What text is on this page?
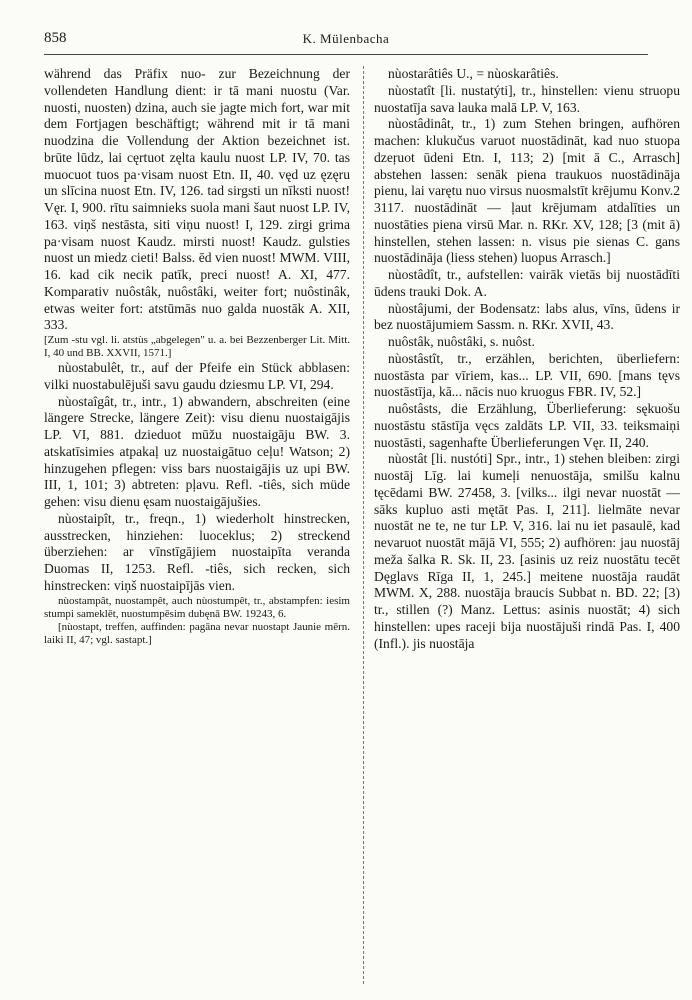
858	K. Mülenbacha

während das Präfix nuo- zur Bezeichnung der vollendeten Handlung dient: ir tā mani nuostu (Var. nuosti, nuosten) dzina, auch sie jagte mich fort, war mit dem Fortjagen beschäftigt; während mit ir tā mani nuodzina die Vollendung der Aktion bezeichnet ist. brūte lūdz, lai cęrtuot zęlta kaulu nuost LP. IV, 70. tas muocuot tuos pa·visam nuost Etn. II, 40. vęd uz ęzęru un slīcina nuost Etn. IV, 126. tad sirgsti un nīksti nuost! Vęr. I, 900. rītu saimnieks suola mani šaut nuost LP. IV, 163. viņš nestāsta, siti viņu nuost! I, 129. zirgi grima pa·visam nuost Kaudz. mirsti nuost! Kaudz. gulsties nuost un miedz cieti! Balss. ēd vien nuost! MWM. VIII, 16. kad cik necik patīk, preci nuost! A. XI, 477. Komparativ nuôstâk, nuôstâki, weiter fort; nuôstinâk, etwas weiter fort: atstūmās nuo galda nuostāk A. XII, 333.

[Zum -stu vgl. li. atstùs „abgelegen" u. a. bei Bezzenberger Lit. Mitt. I, 40 und BB. XXVII, 1571.]

nùostabulêt, tr., auf der Pfeife ein Stück abblasen: vilki nuostabulējuši savu gaudu dziesmu LP. VI, 294.

nùostaîgât, tr., intr., 1) abwandern, abschreiten (eine längere Strecke, längere Zeit): visu dienu nuostaigājis LP. VI, 881. dzieduot mūžu nuostaigāju BW. 3. atskatīsimies atpakaļ uz nuostaigātuo ceļu! Watson; 2) hinzugehen pflegen: viss bars nuostaigājis uz upi BW. III, 1, 101; 3) abtreten: pļavu. Refl. -tiês, sich müde gehen: visu dienu ęsam nuostaigājušies.

nùostaipît, tr., freqn., 1) wiederholt hinstrecken, ausstrecken, hinziehen: luoceklus; 2) streckend überziehen: ar vīnstīgājiem nuostaipīta veranda Duomas II, 1253. Refl. -tiês, sich recken, sich hinstrecken: viņš nuostaipījās vien.

nùostampât, nuostampêt, auch nùostumpêt, tr., abstampfen: iesim stumpi sameklēt, nuostumpēsim dubęnā BW. 19243, 6.

[nùostapt, treffen, auffinden: pagāna nevar nuostapt Jaunie mērn. laiki II, 47; vgl. sastapt.]

nùostarâtiês U., = nùoskarâtiês.

nùostatît [li. nustatýti], tr., hinstellen: vienu struopu nuostatīja sava lauka malā LP. V, 163.

nùostâdinât, tr., 1) zum Stehen bringen, aufhören machen: klukučus varuot nuostādināt, kad nuo stuopa dzeŗuot ūdeni Etn. I, 113; 2) [mit ā C., Arrasch] abstehen lassen: senāk piena traukuos nuostādināja pienu, lai varętu nuo virsus nuosmalstīt krējumu Konv.2 3117. nuostādināt — ļaut krējumam atdalīties un nuostāties piena virsū Mar. n. RKr. XV, 128; [3 (mit ā) hinstellen, stehen lassen: n. visus pie sienas C. gans nuostādināja (liess stehen) luopus Arrasch.]

nùostâdît, tr., aufstellen: vairāk vietās bij nuostādīti ūdens trauki Dok. A.

nùostâjumi, der Bodensatz: labs alus, vīns, ūdens ir bez nuostājumiem Sassm. n. RKr. XVII, 43.

nuôstâk, nuôstâki, s. nuôst.

nùostâstît, tr., erzählen, berichten, überliefern: nuostāsta par vīriem, kas... LP. VII, 690. [mans tęvs nuostāstīja, kā... nācis nuo kruogus FBR. IV, 52.]

nuôstâsts, die Erzählung, Überlieferung: sękuošu nuostāstu stāstīja vęcs zaldāts LP. VII, 33. teiksmaiņi nuostāsti, sagenhafte Überlieferungen Vęr. II, 240.

nùostât [li. nustóti] Spr., intr., 1) stehen bleiben: zirgi nuostāj Līg. lai kumeļi nenuostāja, smilšu kalnu tęcēdami BW. 27458, 3. [vilks... ilgi nevar nuostāt — sāks kupluo asti mętāt Pas. I, 211]. lielmāte nevar nuostāt ne te, ne tur LP. V, 316. lai nu iet pasaulē, kad nevaruot nuostāt mājā VI, 555; 2) aufhören: jau nuostāj meža šalka R. Sk. II, 23. [asinis uz reiz nuostātu tecēt Dęglavs Rīga II, 1, 245.] meitene nuostāja raudāt MWM. X, 288. nuostāja braucis Subbat n. BD. 22; [3) tr., stillen (?) Manz. Lettus: asinis nuostāt; 4) sich hinstellen: upes raceji bija nuostājuši rindā Pas. I, 400 (Infl.). jis nuostāja
